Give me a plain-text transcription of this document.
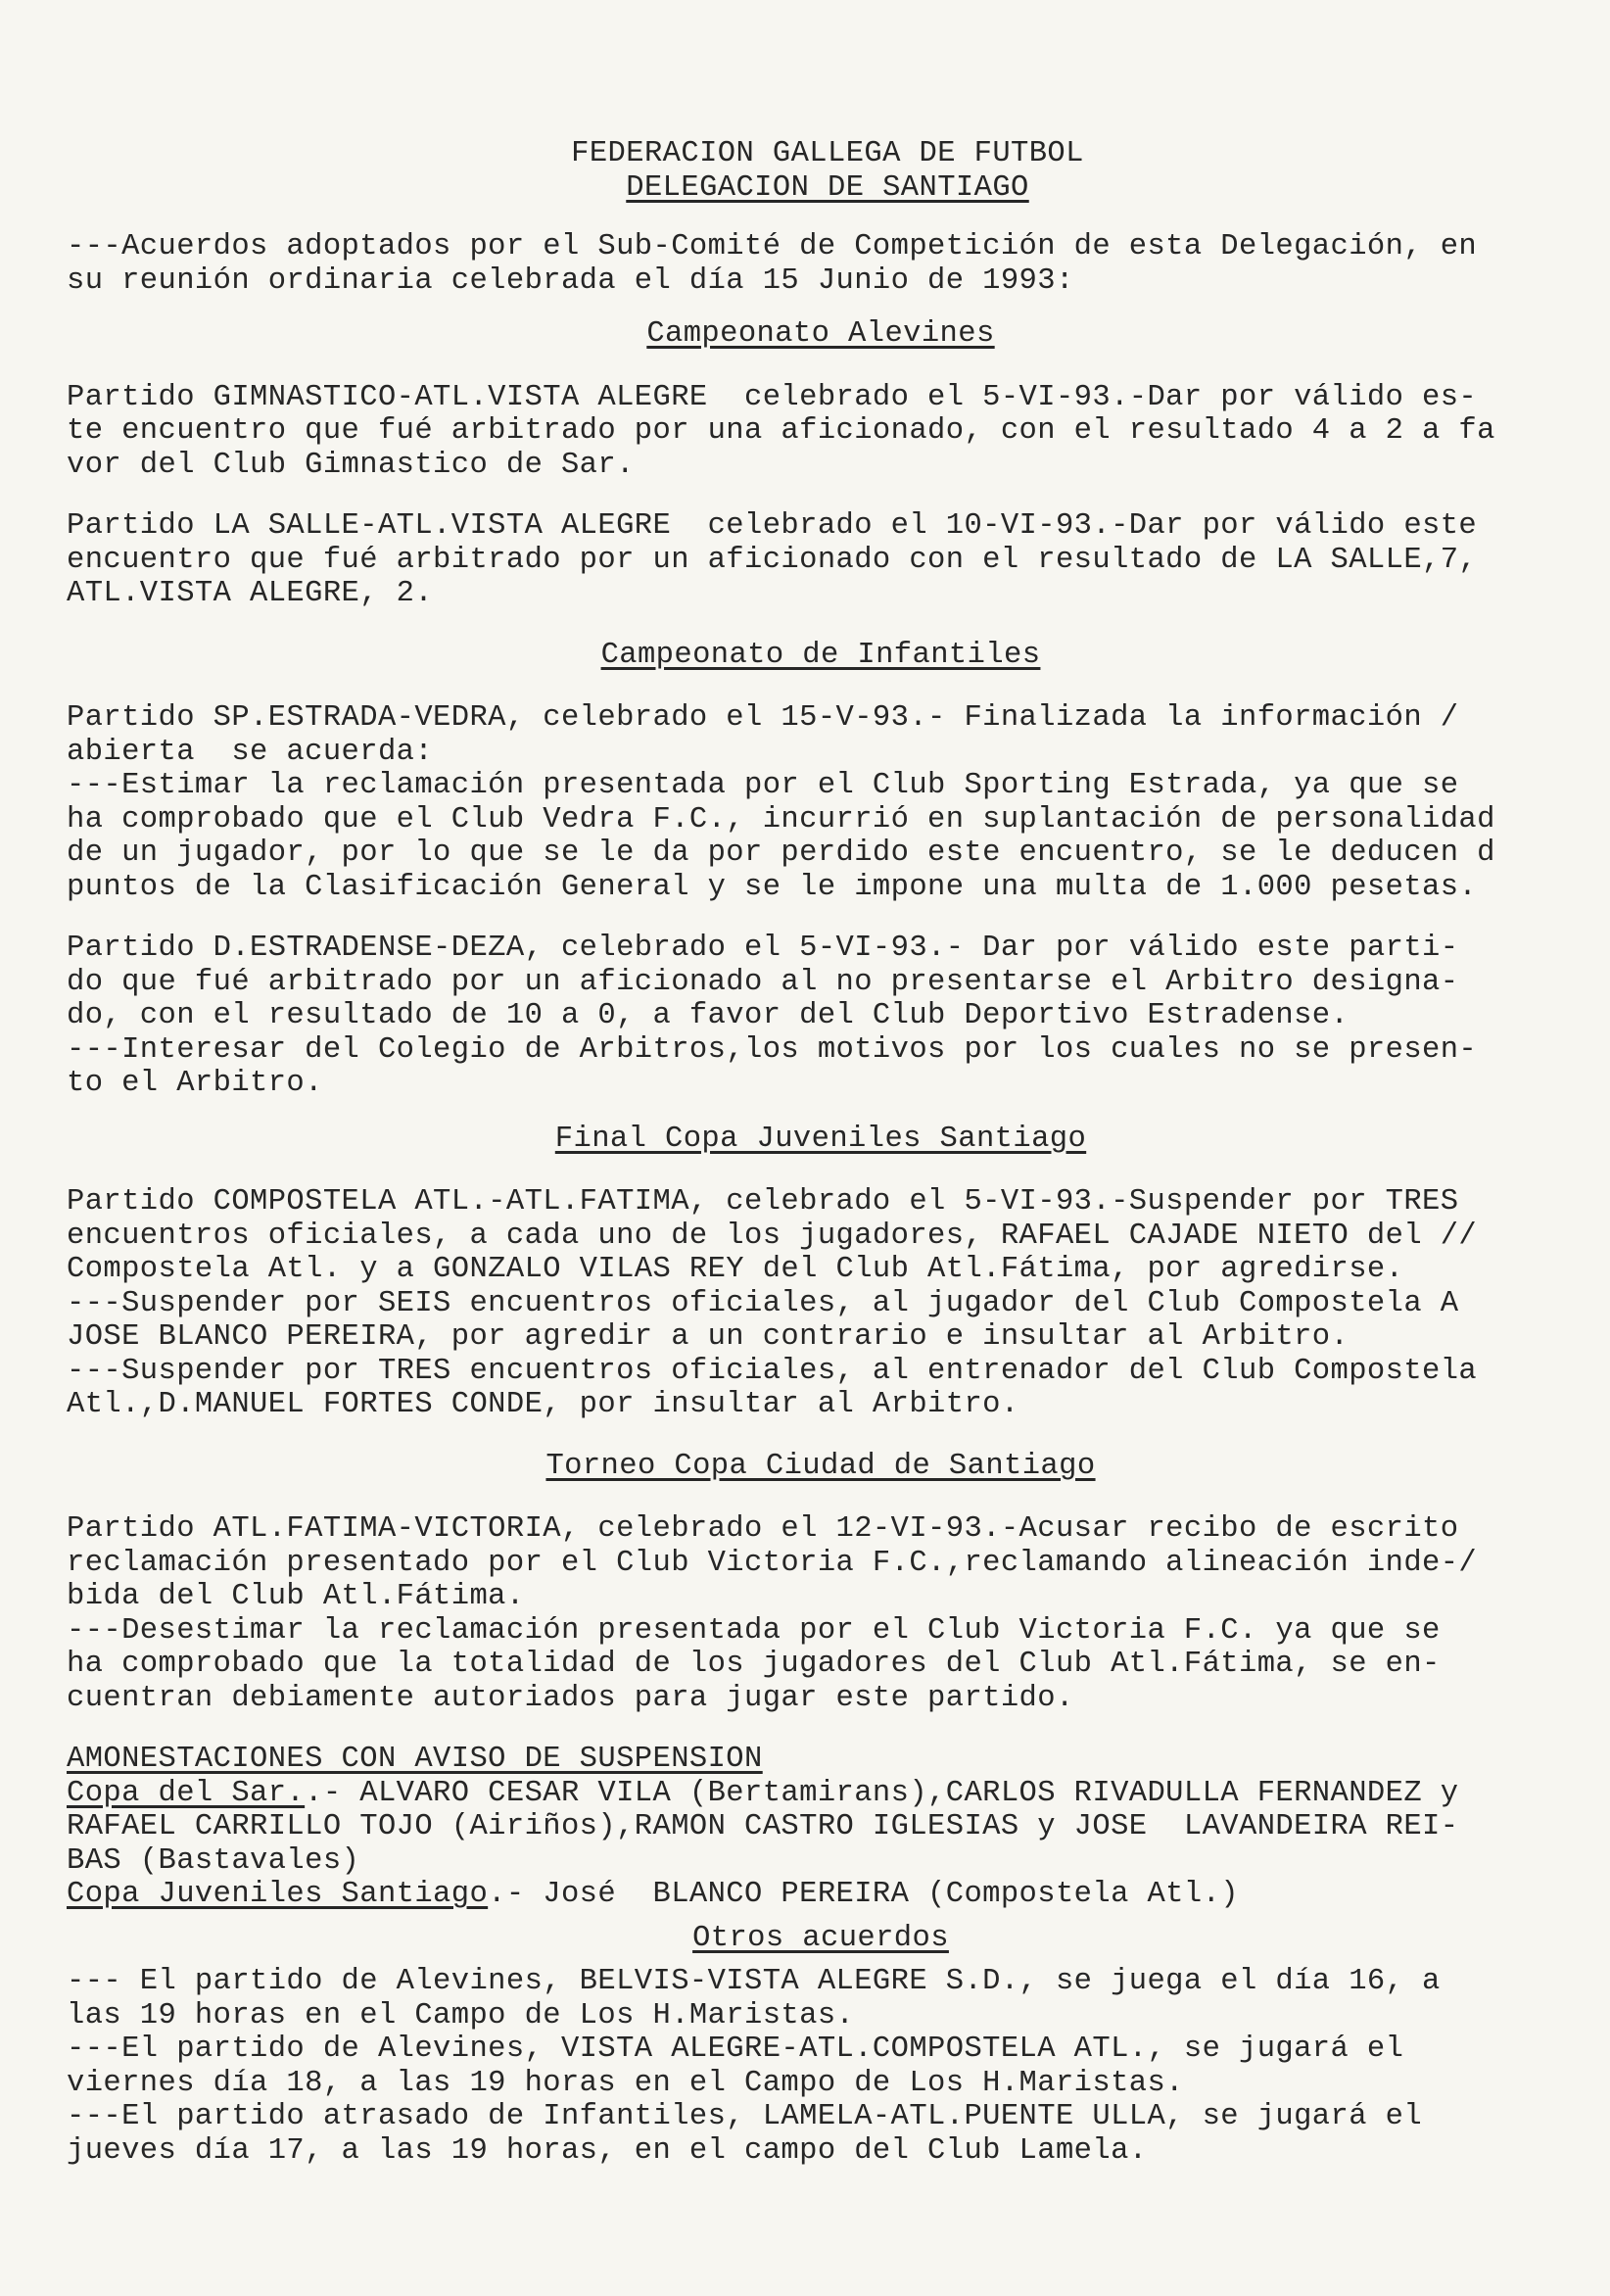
FEDERACION GALLEGA DE FUTBOL
DELEGACION DE SANTIAGO
---Acuerdos adoptados por el Sub-Comité de Competición de esta Delegación, en
su reunión ordinaria celebrada el día 15 Junio de 1993:
Campeonato Alevines
Partido GIMNASTICO-ATL.VISTA ALEGRE  celebrado el 5-VI-93.-Dar por válido es-
te encuentro que fué arbitrado por una aficionado, con el resultado 4 a 2 a fa
vor del Club Gimnastico de Sar.
Partido LA SALLE-ATL.VISTA ALEGRE  celebrado el 10-VI-93.-Dar por válido este
encuentro que fué arbitrado por un aficionado con el resultado de LA SALLE,7,
ATL.VISTA ALEGRE, 2.
Campeonato de Infantiles
Partido SP.ESTRADA-VEDRA, celebrado el 15-V-93.- Finalizada la información /
abierta  se acuerda:
---Estimar la reclamación presentada por el Club Sporting Estrada, ya que se
ha comprobado que el Club Vedra F.C., incurrió en suplantación de personalidad
de un jugador, por lo que se le da por perdido este encuentro, se le deducen d
puntos de la Clasificación General y se le impone una multa de 1.000 pesetas.
Partido D.ESTRADENSE-DEZA, celebrado el 5-VI-93.- Dar por válido este parti-
do que fué arbitrado por un aficionado al no presentarse el Arbitro designa-
do, con el resultado de 10 a 0, a favor del Club Deportivo Estradense.
---Interesar del Colegio de Arbitros,los motivos por los cuales no se presen-
to el Arbitro.
Final Copa Juveniles Santiago
Partido COMPOSTELA ATL.-ATL.FATIMA, celebrado el 5-VI-93.-Suspender por TRES
encuentros oficiales, a cada uno de los jugadores, RAFAEL CAJADE NIETO del //
Compostela Atl. y a GONZALO VILAS REY del Club Atl.Fátima, por agredirse.
---Suspender por SEIS encuentros oficiales, al jugador del Club Compostela A
JOSE BLANCO PEREIRA, por agredir a un contrario e insultar al Arbitro.
---Suspender por TRES encuentros oficiales, al entrenador del Club Compostela
Atl.,D.MANUEL FORTES CONDE, por insultar al Arbitro.
Torneo Copa Ciudad de Santiago
Partido ATL.FATIMA-VICTORIA, celebrado el 12-VI-93.-Acusar recibo de escrito
reclamación presentado por el Club Victoria F.C.,reclamando alineación inde-/
bida del Club Atl.Fátima.
---Desestimar la reclamación presentada por el Club Victoria F.C. ya que se
ha comprobado que la totalidad de los jugadores del Club Atl.Fátima, se en-
cuentran debiamente autoriados para jugar este partido.
AMONESTACIONES CON AVISO DE SUSPENSION
Copa del Sar..- ALVARO CESAR VILA (Bertamirans),CARLOS RIVADULLA FERNANDEZ y
RAFAEL CARRILLO TOJO (Airiños),RAMON CASTRO IGLESIAS y JOSE  LAVANDEIRA REI-
BAS (Bastavales)
Copa Juveniles Santiago.- José  BLANCO PEREIRA (Compostela Atl.)
Otros acuerdos
--- El partido de Alevines, BELVIS-VISTA ALEGRE S.D., se juega el día 16, a
las 19 horas en el Campo de Los H.Maristas.
---El partido de Alevines, VISTA ALEGRE-ATL.COMPOSTELA ATL., se jugará el
viernes día 18, a las 19 horas en el Campo de Los H.Maristas.
---El partido atrasado de Infantiles, LAMELA-ATL.PUENTE ULLA, se jugará el
jueves día 17, a las 19 horas, en el campo del Club Lamela.
